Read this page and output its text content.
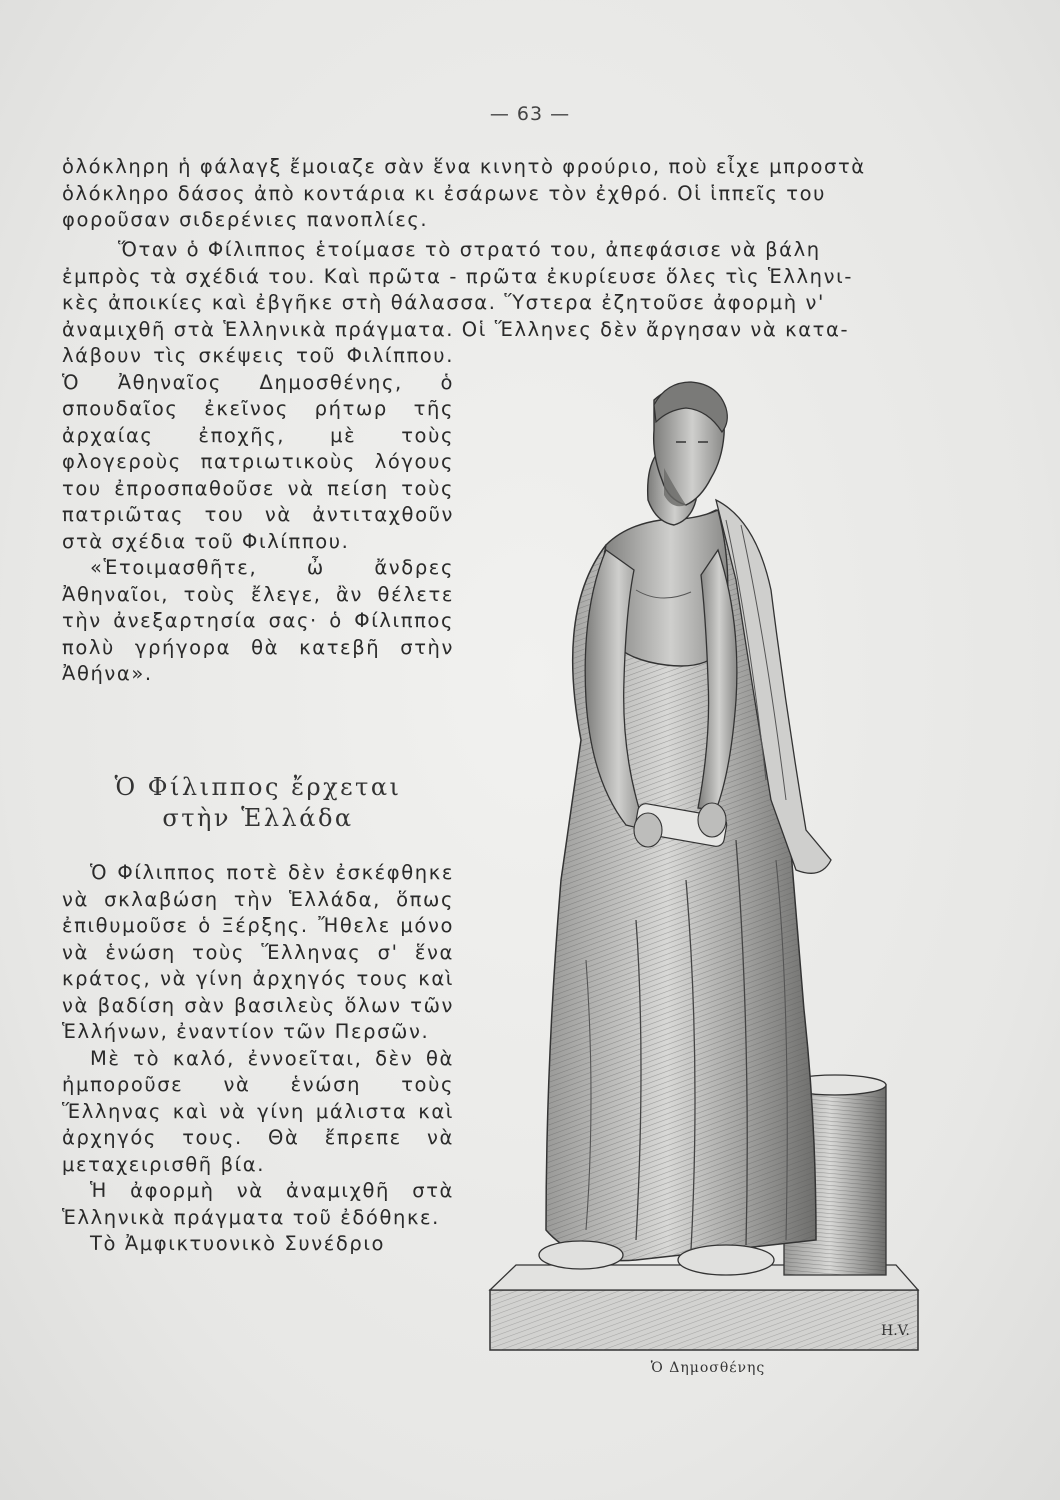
— 63 —

ὁλόκληρη ἡ φάλαγξ ἔμοιαζε σὰν ἕνα κινητὸ φρούριο, ποὺ εἶχε μπροστὰ

ὁλόκληρο δάσος ἀπὸ κοντάρια κι ἐσάρωνε τὸν ἐχθρό. Οἱ ἱππεῖς του

φοροῦσαν σιδερένιες πανοπλίες.

Ὅταν ὁ Φίλιππος ἑτοίμασε τὸ στρατό του, ἀπεφάσισε νὰ βάλη

ἐμπρὸς τὰ σχέδιά του. Καὶ πρῶτα - πρῶτα ἐκυρίευσε ὅλες τὶς Ἑλληνι-

κὲς ἀποικίες καὶ ἐβγῆκε στὴ θάλασσα. Ὕστερα ἐζητοῦσε ἀφορμὴ ν'

ἀναμιχθῆ στὰ Ἑλληνικὰ πράγματα. Οἱ Ἕλληνες δὲν ἄργησαν νὰ κατα-

λάβουν τὶς σκέψεις τοῦ Φιλίππου. Ὁ Ἀθηναῖος Δημοσθένης, ὁ σπουδαῖος ἐκεῖνος ρήτωρ τῆς ἀρχαίας ἐποχῆς, μὲ τοὺς φλογεροὺς πατριωτικοὺς λόγους του ἐπροσπαθοῦσε νὰ πείση τοὺς πατριῶτας του νὰ ἀντιταχθοῦν στὰ σχέδια τοῦ Φιλίππου.

«Ἑτοιμασθῆτε, ὦ ἄνδρες Ἀθηναῖοι, τοὺς ἔλεγε, ἂν θέλετε τὴν ἀνεξαρτησία σας· ὁ Φίλιππος πολὺ γρήγορα θὰ κατεβῆ στὴν Ἀθήνα».

Ὁ Φίλιππος ἔρχεται
στὴν Ἑλλάδα

Ὁ Φίλιππος ποτὲ δὲν ἐσκέφθηκε νὰ σκλαβώση τὴν Ἑλλάδα, ὅπως ἐπιθυμοῦσε ὁ Ξέρξης. Ἤθελε μόνο νὰ ἑνώση τοὺς Ἕλληνας σ' ἕνα κράτος, νὰ γίνη ἀρχηγός τους καὶ νὰ βαδίση σὰν βασιλεὺς ὅλων τῶν Ἑλλήνων, ἐναντίον τῶν Περσῶν.

Μὲ τὸ καλό, ἐννοεῖται, δὲν θὰ ἠμποροῦσε νὰ ἑνώση τοὺς Ἕλληνας καὶ νὰ γίνη μάλιστα καὶ ἀρχηγός τους. Θὰ ἔπρεπε νὰ μεταχειρισθῆ βία.

Ἡ ἀφορμὴ νὰ ἀναμιχθῆ στὰ Ἑλληνικὰ πράγματα τοῦ ἐδόθηκε.

Τὸ Ἀμφικτυονικὸ Συνέδριο

H.V.
Ὁ Δημοσθένης
